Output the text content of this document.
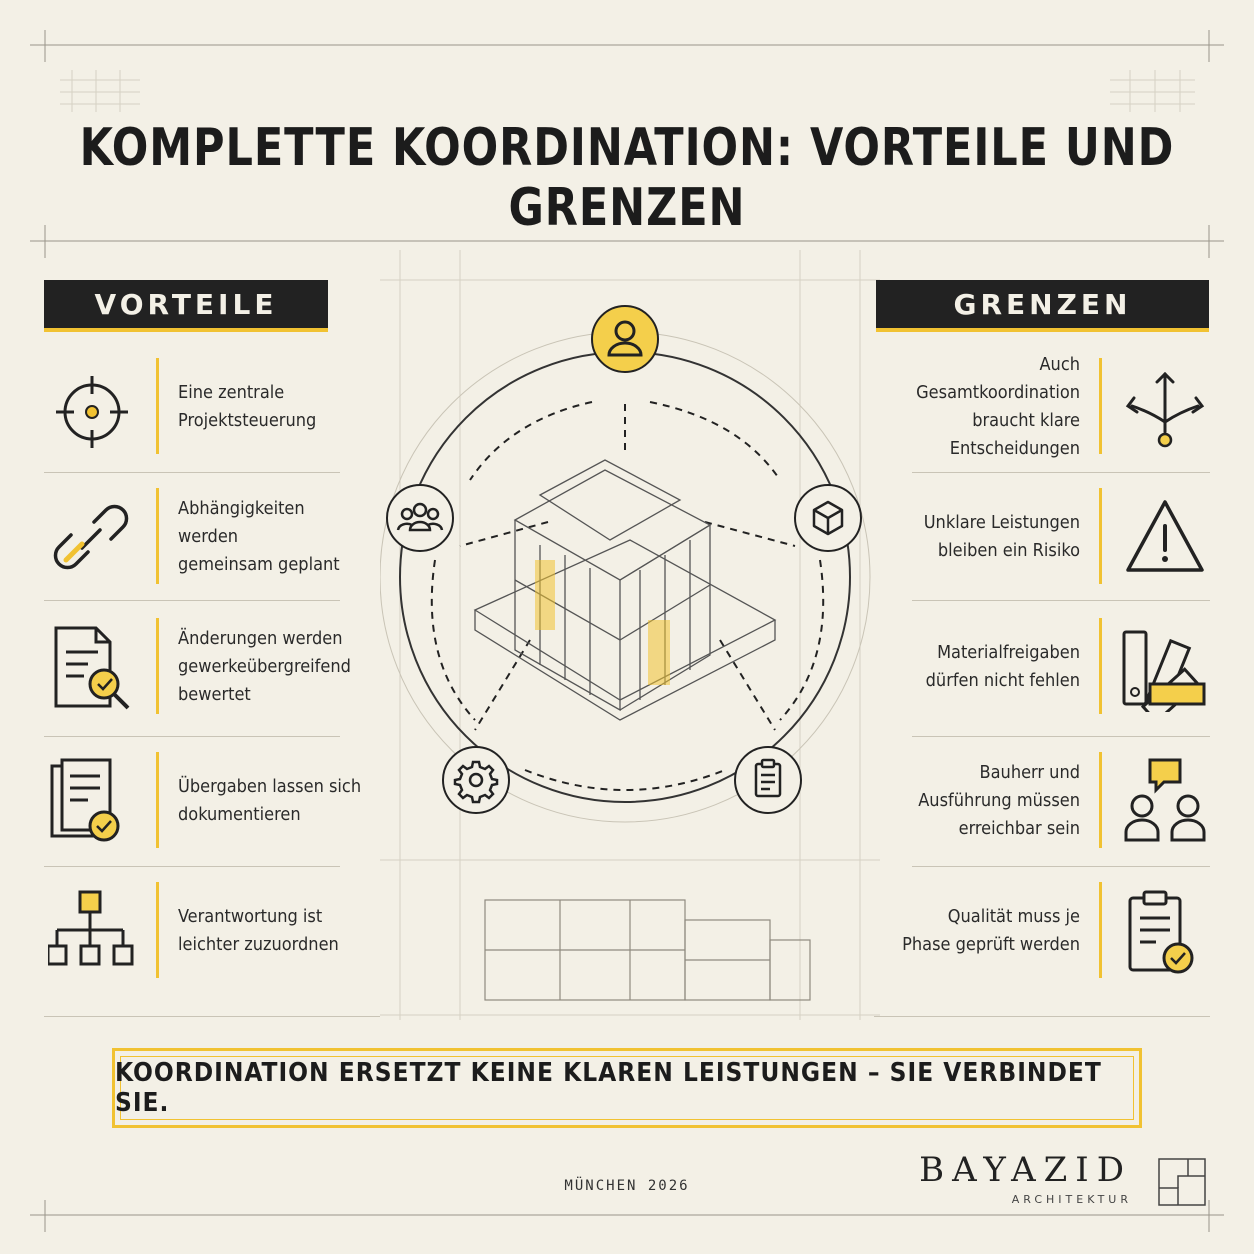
KOMPLETTE KOORDINATION: VORTEILE UND GRENZEN
VORTEILE	GRENZEN
Eine zentrale
Projektsteuerung
Abhängigkeiten werden
gemeinsam geplant
Änderungen werden
gewerkeübergreifend
bewertet
Übergaben lassen sich
dokumentieren
Verantwortung ist
leichter zuzuordnen
Auch Gesamtkoordination
braucht klare
Entscheidungen
Unklare Leistungen
bleiben ein Risiko
Materialfreigaben
dürfen nicht fehlen
Bauherr und
Ausführung müssen
erreichbar sein
Qualität muss je
Phase geprüft werden
KOORDINATION ERSETZT KEINE KLAREN LEISTUNGEN – SIE VERBINDET SIE.
MÜNCHEN 2026	BAYAZID
ARCHITEKTUR
